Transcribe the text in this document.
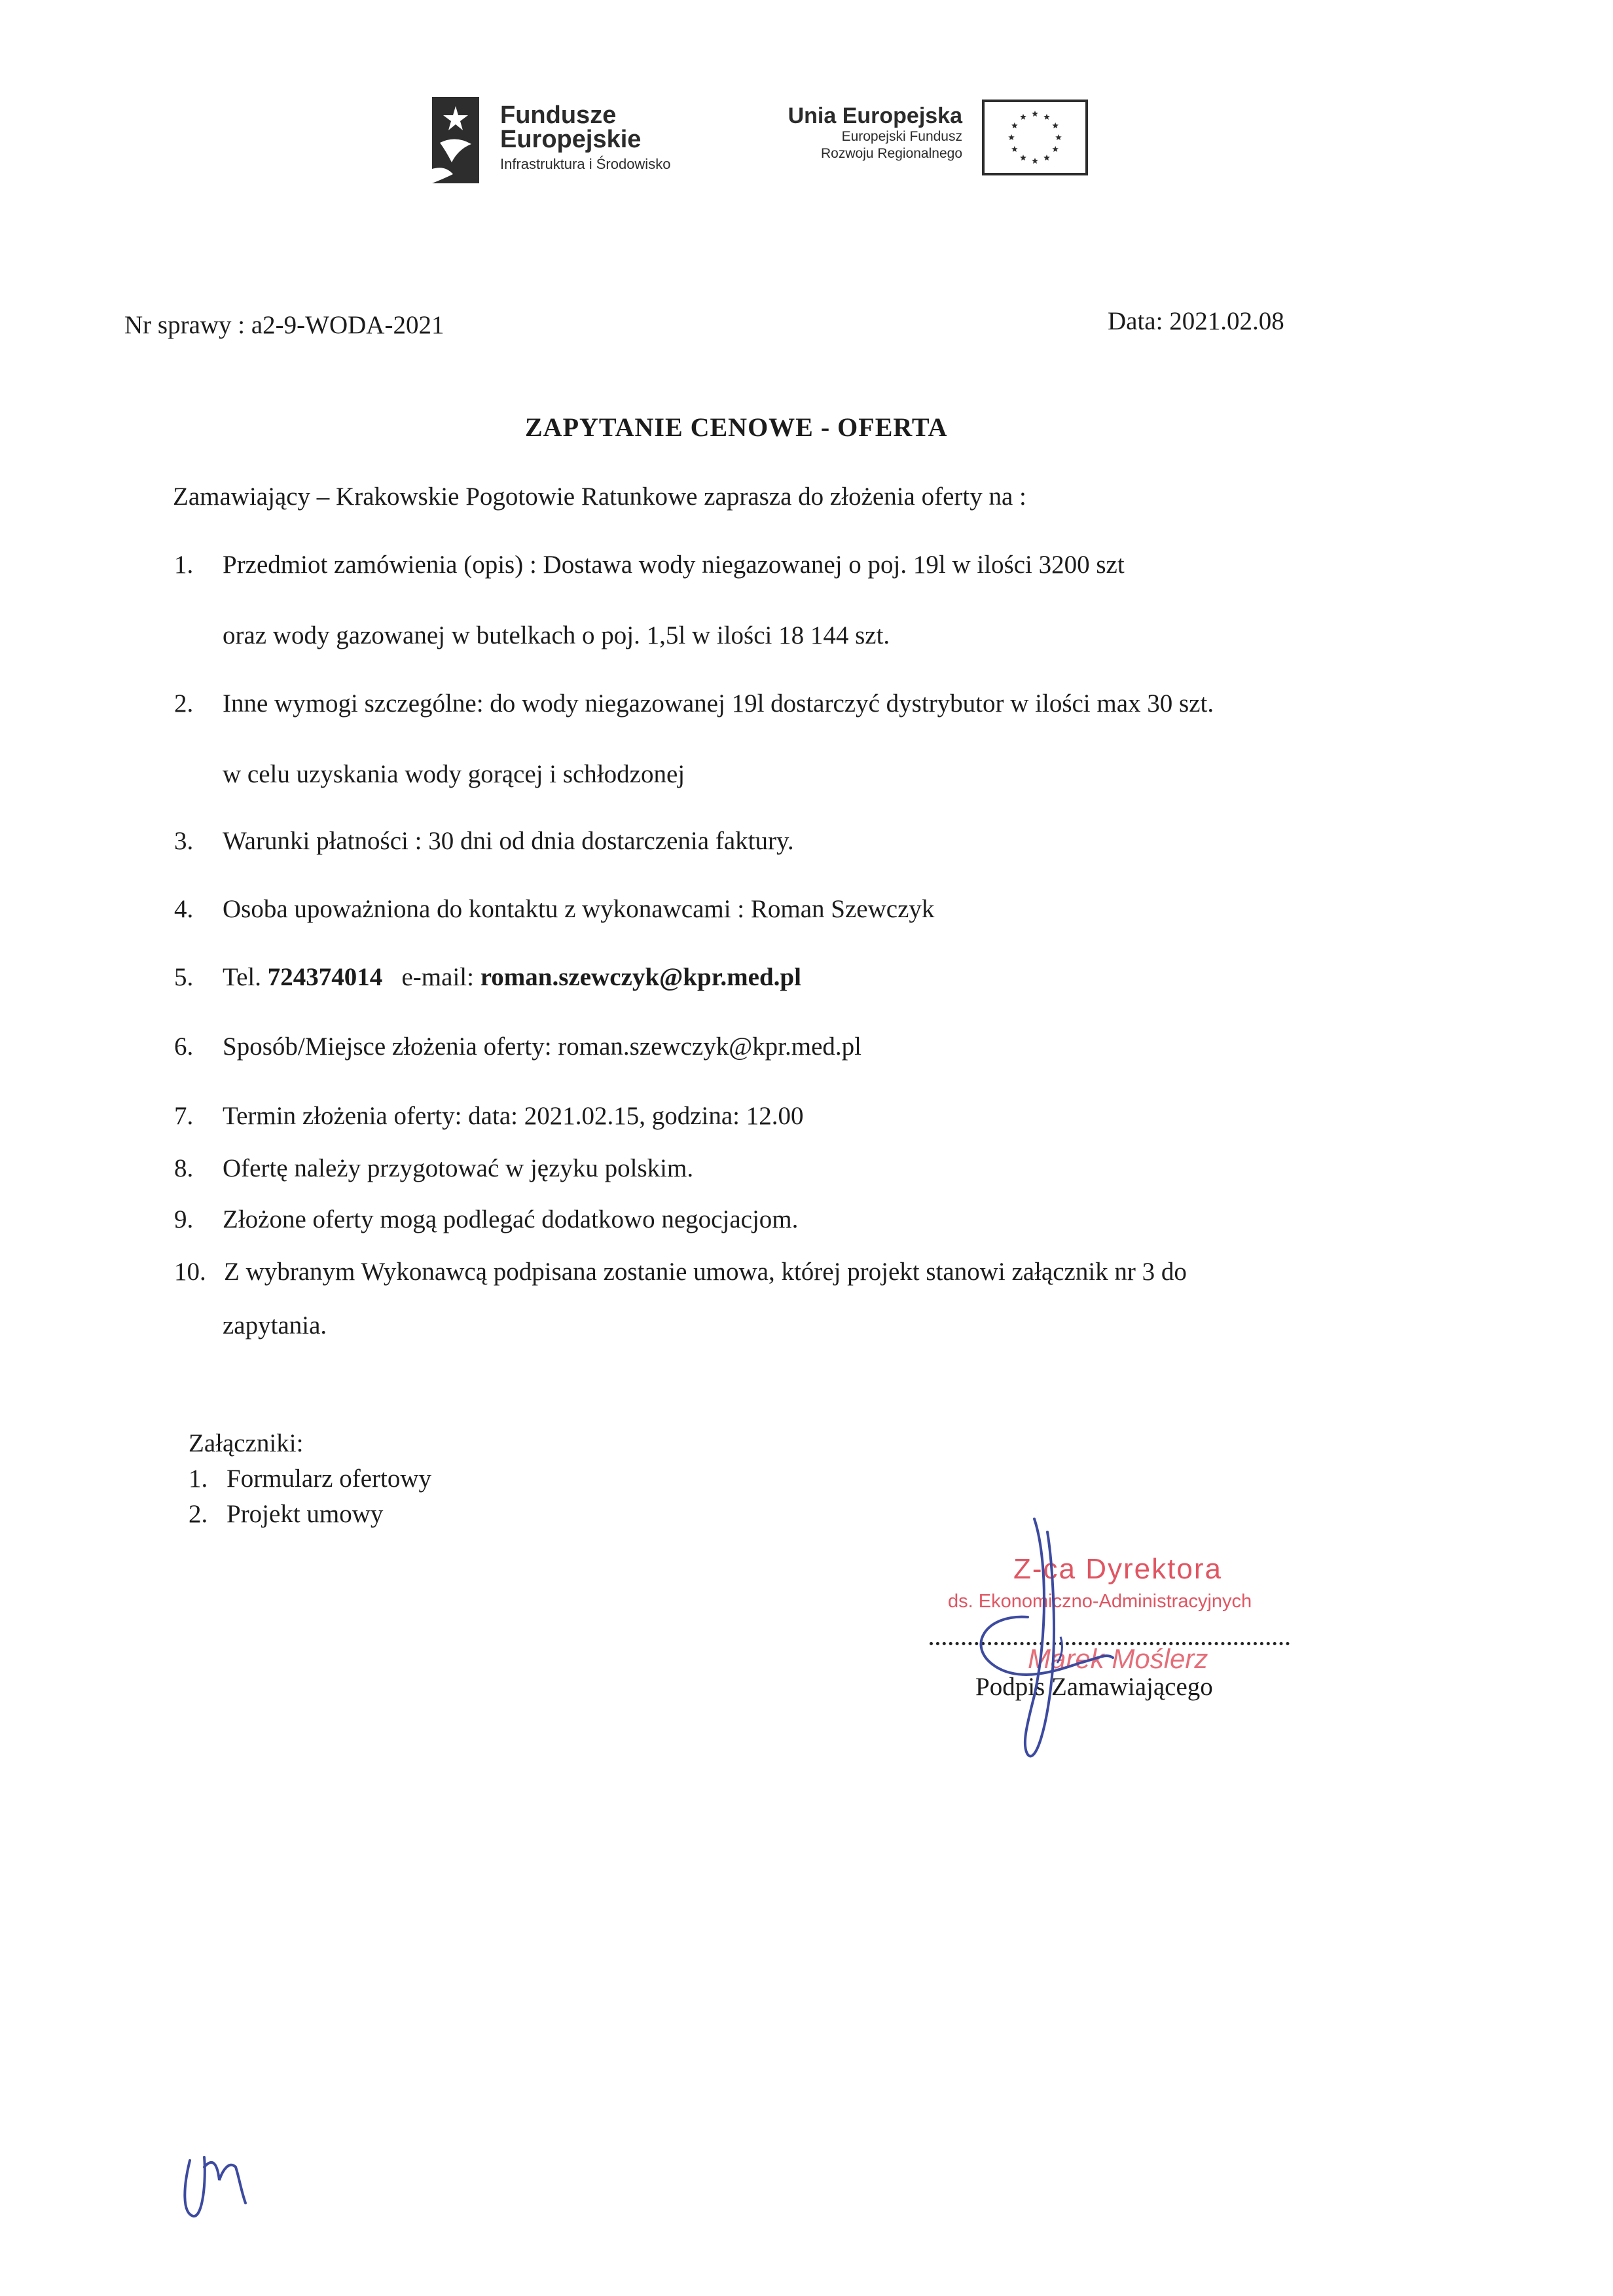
Fundusze
Europejskie
Infrastruktura i Środowisko
Unia Europejska
Europejski Fundusz
Rozwoju Regionalnego
Nr sprawy : a2-9-WODA-2021	Data: 2021.02.08
ZAPYTANIE CENOWE - OFERTA
Zamawiający – Krakowskie Pogotowie Ratunkowe zaprasza do złożenia oferty na :
1. Przedmiot zamówienia (opis) : Dostawa wody niegazowanej o poj. 19l w ilości 3200 szt
oraz wody gazowanej w butelkach o poj. 1,5l w ilości 18 144 szt.
2. Inne wymogi szczególne: do wody niegazowanej 19l dostarczyć dystrybutor w ilości max 30 szt.
w celu uzyskania wody gorącej i schłodzonej
3. Warunki płatności : 30 dni od dnia dostarczenia faktury.
4. Osoba upoważniona do kontaktu z wykonawcami : Roman Szewczyk
5. Tel. 724374014   e-mail: roman.szewczyk@kpr.med.pl
6. Sposób/Miejsce złożenia oferty: roman.szewczyk@kpr.med.pl
7. Termin złożenia oferty: data: 2021.02.15, godzina: 12.00
8. Ofertę należy przygotować w języku polskim.
9. Złożone oferty mogą podlegać dodatkowo negocjacjom.
10. Z wybranym Wykonawcą podpisana zostanie umowa, której projekt stanowi załącznik nr 3 do
zapytania.
Załączniki:
1. Formularz ofertowy
2. Projekt umowy
Z-ca Dyrektora
ds. Ekonomiczno-Administracyjnych
Marek Moślerz
Podpis Zamawiającego
